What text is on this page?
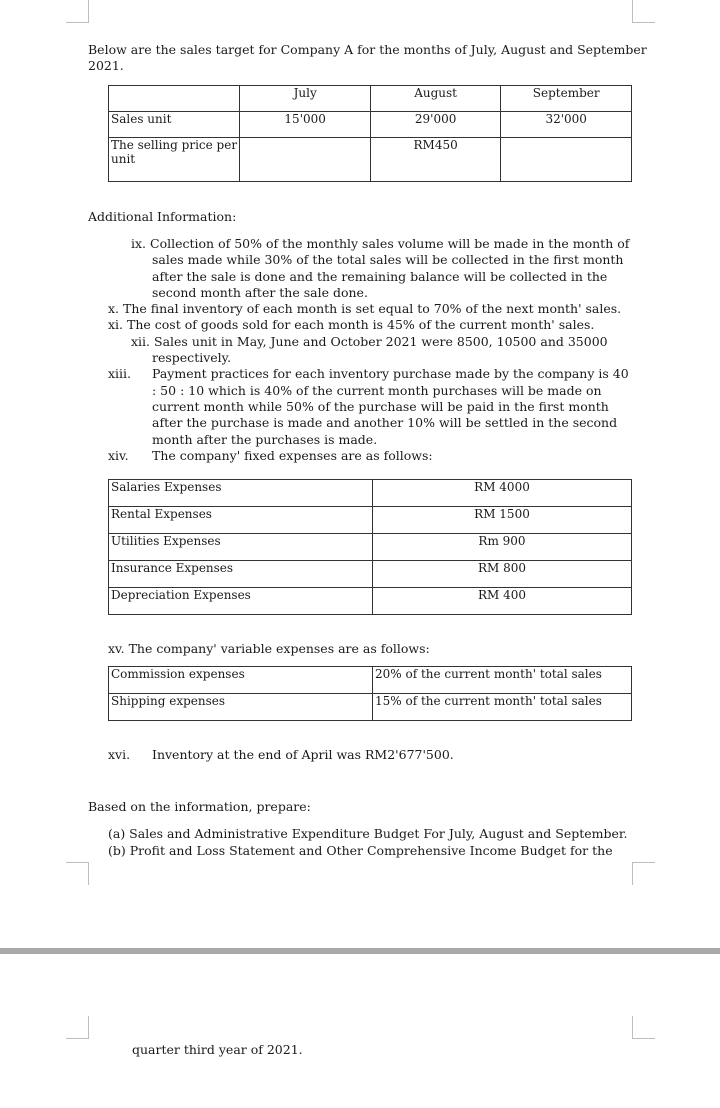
Below are the sales target for Company A for the months of July, August and September 2021.
	July	August	September
Sales unit	15'000	29'000	32'000
The selling price per unit		RM450	
Additional Information:
ix. Collection of 50% of the monthly sales volume will be made in the month of sales made while 30% of the total sales will be collected in the first month after the sale is done and the remaining balance will be collected in the second month after the sale done.
x. The final inventory of each month is set equal to 70% of the next month' sales.
xi. The cost of goods sold for each month is 45% of the current month' sales.
xii. Sales unit in May, June and October 2021 were 8500, 10500 and 35000 respectively.
xiii.	Payment practices for each inventory purchase made by the company is 40 : 50 : 10 which is 40% of the current month purchases will be made on current month while 50% of the purchase will be paid in the first month after the purchase is made and another 10% will be settled in the second month after the purchases is made.
xiv.	The company' fixed expenses are as follows:
Salaries Expenses	RM 4000
Rental Expenses	RM 1500
Utilities Expenses	Rm 900
Insurance Expenses	RM 800
Depreciation Expenses	RM 400
xv. The company' variable expenses are as follows:
Commission expenses	20% of the current month' total sales
Shipping expenses	15% of the current month' total sales
xvi. Inventory at the end of April was RM2'677'500.
Based on the information, prepare:
(a) Sales and Administrative Expenditure Budget For July, August and September.
(b) Profit and Loss Statement and Other Comprehensive Income Budget for the
quarter third year of 2021.
